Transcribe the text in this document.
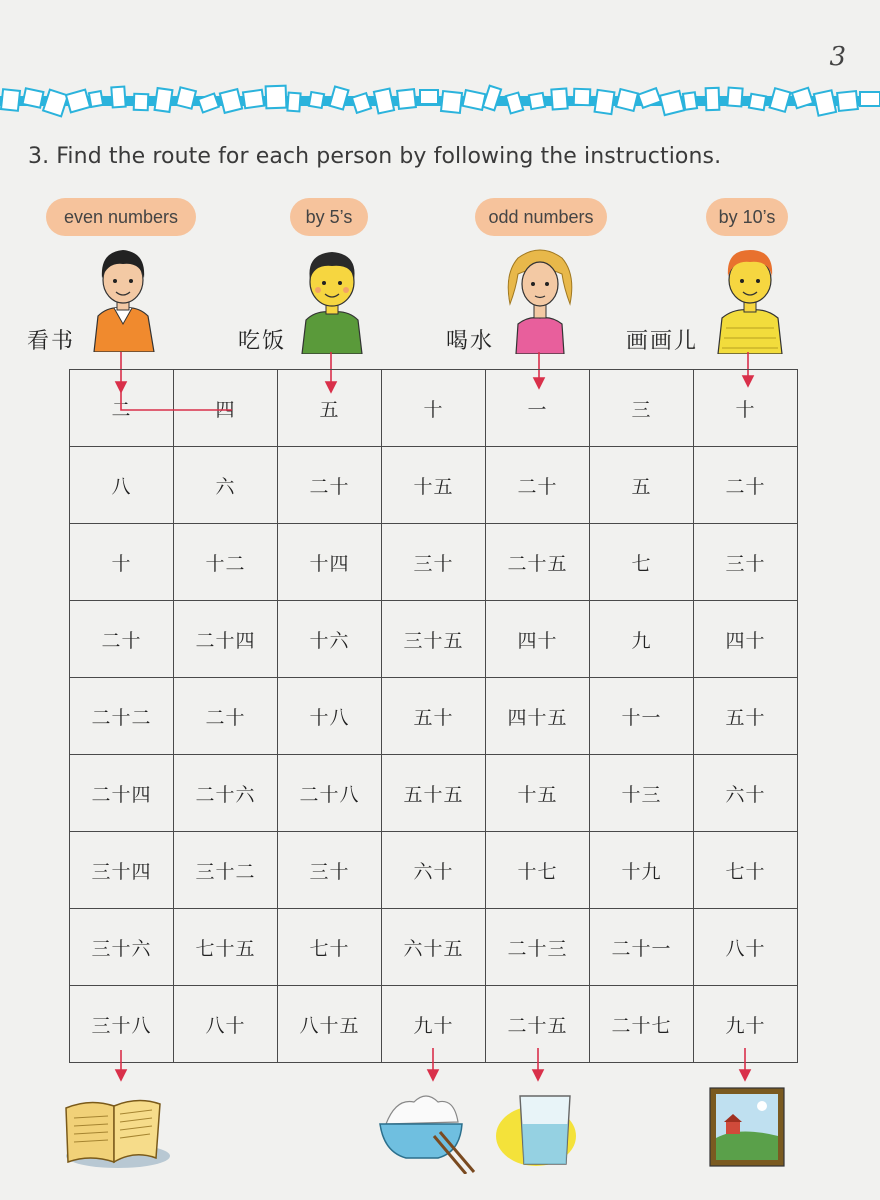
3
3. Find the route for each person by following the instructions.
even numbers	by 5’s	odd numbers	by 10’s
看书	吃饭	喝水	画画儿
二	四	五	十	一	三	十
八	六	二十	十五	二十	五	二十
十	十二	十四	三十	二十五	七	三十
二十	二十四	十六	三十五	四十	九	四十
二十二	二十	十八	五十	四十五	十一	五十
二十四	二十六	二十八	五十五	十五	十三	六十
三十四	三十二	三十	六十	十七	十九	七十
三十六	七十五	七十	六十五	二十三	二十一	八十
三十八	八十	八十五	九十	二十五	二十七	九十
